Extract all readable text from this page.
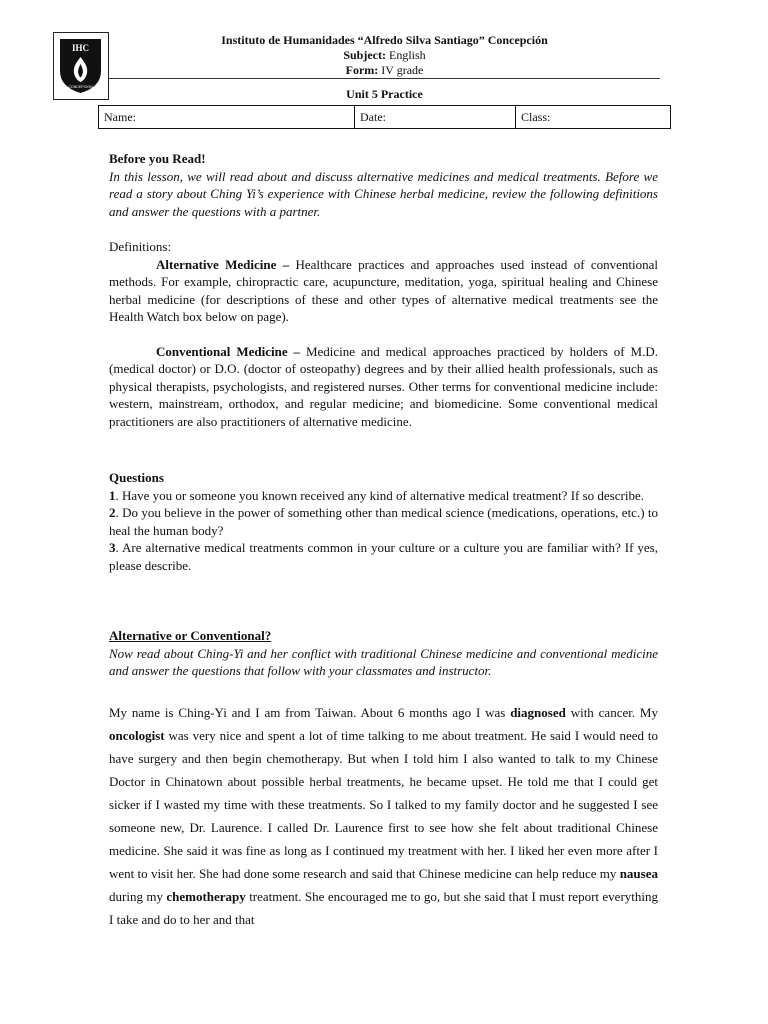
IHC
CONCEPCION
Instituto de Humanidades “Alfredo Silva Santiago” Concepción
Subject: English
Form: IV grade
Unit 5 Practice
Name:	Date:	Class:

Before you Read!

In this lesson, we will read about and discuss alternative medicines and medical treatments. Before we read a story about Ching Yi’s experience with Chinese herbal medicine, review the following definitions and answer the questions with a partner.

Definitions:

Alternative Medicine – Healthcare practices and approaches used instead of conventional methods. For example, chiropractic care, acupuncture, meditation, yoga, spiritual healing and Chinese herbal medicine (for descriptions of these and other types of alternative medical treatments see the Health Watch box below on page).

Conventional Medicine – Medicine and medical approaches practiced by holders of M.D. (medical doctor) or D.O. (doctor of osteopathy) degrees and by their allied health professionals, such as physical therapists, psychologists, and registered nurses. Other terms for conventional medicine include: western, mainstream, orthodox, and regular medicine; and biomedicine. Some conventional medical practitioners are also practitioners of alternative medicine.

Questions

1. Have you or someone you known received any kind of alternative medical treatment? If so describe.

2. Do you believe in the power of something other than medical science (medications, operations, etc.) to heal the human body?

3. Are alternative medical treatments common in your culture or a culture you are familiar with? If yes, please describe.

Alternative or Conventional?

Now read about Ching-Yi and her conflict with traditional Chinese medicine and conventional medicine and answer the questions that follow with your classmates and instructor.

My name is Ching-Yi and I am from Taiwan. About 6 months ago I was diagnosed with cancer. My oncologist was very nice and spent a lot of time talking to me about treatment. He said I would need to have surgery and then begin chemotherapy. But when I told him I also wanted to talk to my Chinese Doctor in Chinatown about possible herbal treatments, he became upset. He told me that I could get sicker if I wasted my time with these treatments. So I talked to my family doctor and he suggested I see someone new, Dr. Laurence. I called Dr. Laurence first to see how she felt about traditional Chinese medicine. She said it was fine as long as I continued my treatment with her. I liked her even more after I went to visit her. She had done some research and said that Chinese medicine can help reduce my nausea during my chemotherapy treatment. She encouraged me to go, but she said that I must report everything I take and do to her and that
